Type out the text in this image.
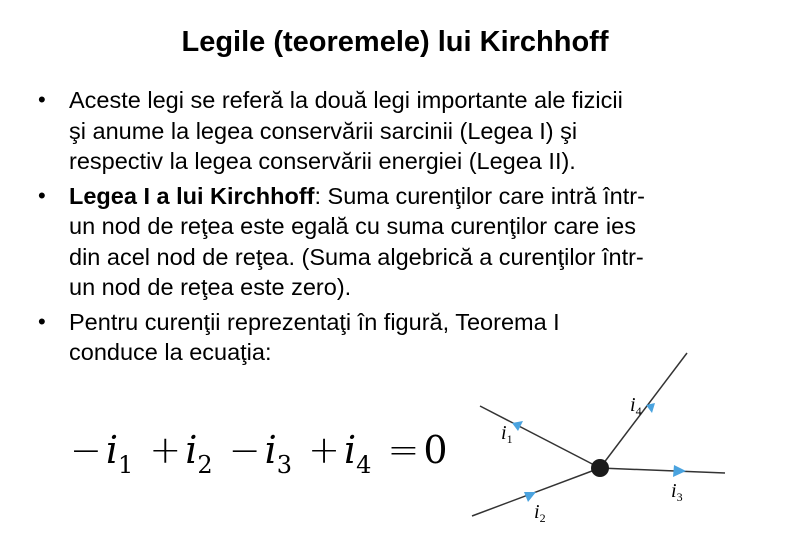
Legile (teoremele) lui Kirchhoff
• Aceste legi se referă la două legi importante ale fizicii
şi anume la legea conservării sarcinii (Legea I) şi
respectiv la legea conservării energiei (Legea II).
• Legea I a lui Kirchhoff: Suma curenţilor care intră într-
un nod de reţea este egală cu suma curenţilor care ies
din acel nod de reţea. (Suma algebrică a curenţilor într-
un nod de reţea este zero).
• Pentru curenţii reprezentaţi în figură, Teorema I
conduce la ecuaţia:
− $i_1 + i_2 - i_3 + i_4 = 0$	$i_1$
$i_2$
$i_3$
$i_4$
